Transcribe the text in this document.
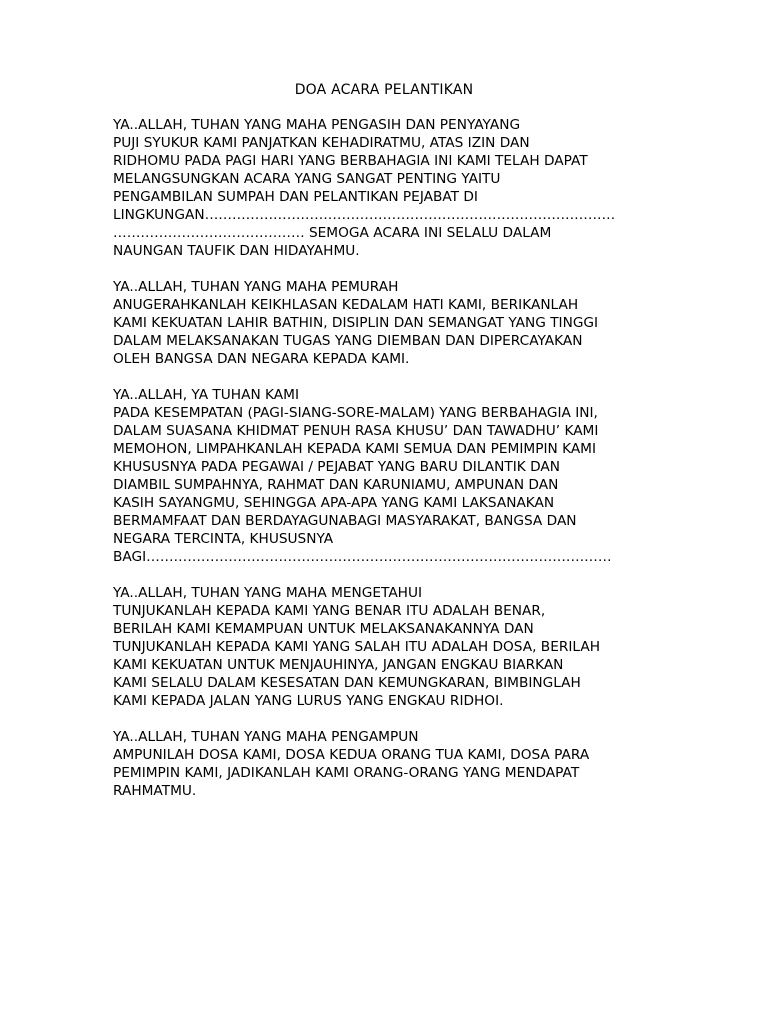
DOA ACARA PELANTIKAN
YA..ALLAH, TUHAN YANG MAHA PENGASIH DAN PENYAYANG
PUJI SYUKUR KAMI PANJATKAN KEHADIRATMU, ATAS IZIN DAN
RIDHOMU PADA PAGI HARI YANG BERBAHAGIA INI KAMI TELAH DAPAT
MELANGSUNGKAN ACARA YANG SANGAT PENTING YAITU
PENGAMBILAN SUMPAH DAN PELANTIKAN PEJABAT DI
LINGKUNGAN………………………………………………………………………………
…………………………………… SEMOGA ACARA INI SELALU DALAM
NAUNGAN TAUFIK DAN HIDAYAHMU.
YA..ALLAH, TUHAN YANG MAHA PEMURAH
ANUGERAHKANLAH KEIKHLASAN KEDALAM HATI KAMI, BERIKANLAH
KAMI KEKUATAN LAHIR BATHIN, DISIPLIN DAN SEMANGAT YANG TINGGI
DALAM MELAKSANAKAN TUGAS YANG DIEMBAN DAN DIPERCAYAKAN
OLEH BANGSA DAN NEGARA KEPADA KAMI.
YA..ALLAH, YA TUHAN KAMI
PADA KESEMPATAN (PAGI-SIANG-SORE-MALAM) YANG BERBAHAGIA INI,
DALAM SUASANA KHIDMAT PENUH RASA KHUSU’ DAN TAWADHU’ KAMI
MEMOHON, LIMPAHKANLAH KEPADA KAMI SEMUA DAN PEMIMPIN KAMI
KHUSUSNYA PADA PEGAWAI / PEJABAT YANG BARU DILANTIK DAN
DIAMBIL SUMPAHNYA, RAHMAT DAN KARUNIAMU, AMPUNAN DAN
KASIH SAYANGMU, SEHINGGA APA-APA YANG KAMI LAKSANAKAN
BERMAMFAAT DAN BERDAYAGUNABAGI MASYARAKAT, BANGSA DAN
NEGARA TERCINTA, KHUSUSNYA
BAGI…………………………………………………………………………………………
YA..ALLAH, TUHAN YANG MAHA MENGETAHUI
TUNJUKANLAH KEPADA KAMI YANG BENAR ITU ADALAH BENAR,
BERILAH KAMI KEMAMPUAN UNTUK MELAKSANAKANNYA DAN
TUNJUKANLAH KEPADA KAMI YANG SALAH ITU ADALAH DOSA, BERILAH
KAMI KEKUATAN UNTUK MENJAUHINYA, JANGAN ENGKAU BIARKAN
KAMI SELALU DALAM KESESATAN DAN KEMUNGKARAN, BIMBINGLAH
KAMI KEPADA JALAN YANG LURUS YANG ENGKAU RIDHOI.
YA..ALLAH, TUHAN YANG MAHA PENGAMPUN
AMPUNILAH DOSA KAMI, DOSA KEDUA ORANG TUA KAMI, DOSA PARA
PEMIMPIN KAMI, JADIKANLAH KAMI ORANG-ORANG YANG MENDAPAT
RAHMATMU.
